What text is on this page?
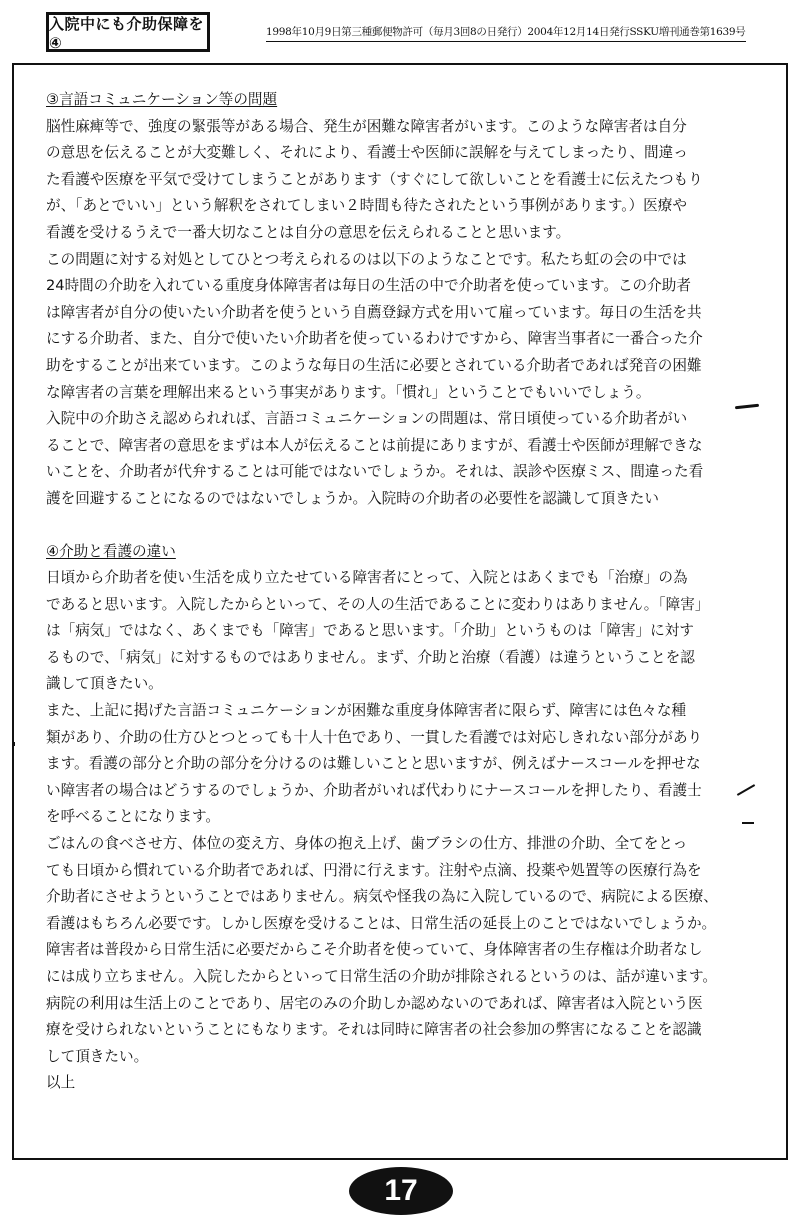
入院中にも介助保障を④
1998年10月9日第三種郵便物許可（毎月3回8の日発行）2004年12月14日発行SSKU増刊通巻第1639号

③言語コミュニケーション等の問題

脳性麻痺等で、強度の緊張等がある場合、発生が困難な障害者がいます。このような障害者は自分
の意思を伝えることが大変難しく、それにより、看護士や医師に誤解を与えてしまったり、間違っ
た看護や医療を平気で受けてしまうことがあります（すぐにして欲しいことを看護士に伝えたつもり
が、「あとでいい」という解釈をされてしまい２時間も待たされたという事例があります。）医療や
看護を受けるうえで一番大切なことは自分の意思を伝えられることと思います。

この問題に対する対処としてひとつ考えられるのは以下のようなことです。私たち虹の会の中では
24時間の介助を入れている重度身体障害者は毎日の生活の中で介助者を使っています。この介助者
は障害者が自分の使いたい介助者を使うという自薦登録方式を用いて雇っています。毎日の生活を共
にする介助者、また、自分で使いたい介助者を使っているわけですから、障害当事者に一番合った介
助をすることが出来ています。このような毎日の生活に必要とされている介助者であれば発音の困難
な障害者の言葉を理解出来るという事実があります。「慣れ」ということでもいいでしょう。

入院中の介助さえ認められれば、言語コミュニケーションの問題は、常日頃使っている介助者がい
ることで、障害者の意思をまずは本人が伝えることは前提にありますが、看護士や医師が理解できな
いことを、介助者が代弁することは可能ではないでしょうか。それは、誤診や医療ミス、間違った看
護を回避することになるのではないでしょうか。入院時の介助者の必要性を認識して頂きたい

④介助と看護の違い

日頃から介助者を使い生活を成り立たせている障害者にとって、入院とはあくまでも「治療」の為
であると思います。入院したからといって、その人の生活であることに変わりはありません。「障害」
は「病気」ではなく、あくまでも「障害」であると思います。「介助」というものは「障害」に対す
るもので、「病気」に対するものではありません。まず、介助と治療（看護）は違うということを認
識して頂きたい。

また、上記に掲げた言語コミュニケーションが困難な重度身体障害者に限らず、障害には色々な種
類があり、介助の仕方ひとつとっても十人十色であり、一貫した看護では対応しきれない部分があり
ます。看護の部分と介助の部分を分けるのは難しいことと思いますが、例えばナースコールを押せな
い障害者の場合はどうするのでしょうか、介助者がいれば代わりにナースコールを押したり、看護士
を呼べることになります。

ごはんの食べさせ方、体位の変え方、身体の抱え上げ、歯ブラシの仕方、排泄の介助、全てをとっ
ても日頃から慣れている介助者であれば、円滑に行えます。注射や点滴、投薬や処置等の医療行為を
介助者にさせようということではありません。病気や怪我の為に入院しているので、病院による医療、
看護はもちろん必要です。しかし医療を受けることは、日常生活の延長上のことではないでしょうか。
障害者は普段から日常生活に必要だからこそ介助者を使っていて、身体障害者の生存権は介助者なし
には成り立ちません。入院したからといって日常生活の介助が排除されるというのは、話が違います。
病院の利用は生活上のことであり、居宅のみの介助しか認めないのであれば、障害者は入院という医
療を受けられないということにもなります。それは同時に障害者の社会参加の弊害になることを認識
して頂きたい。

以上

17
